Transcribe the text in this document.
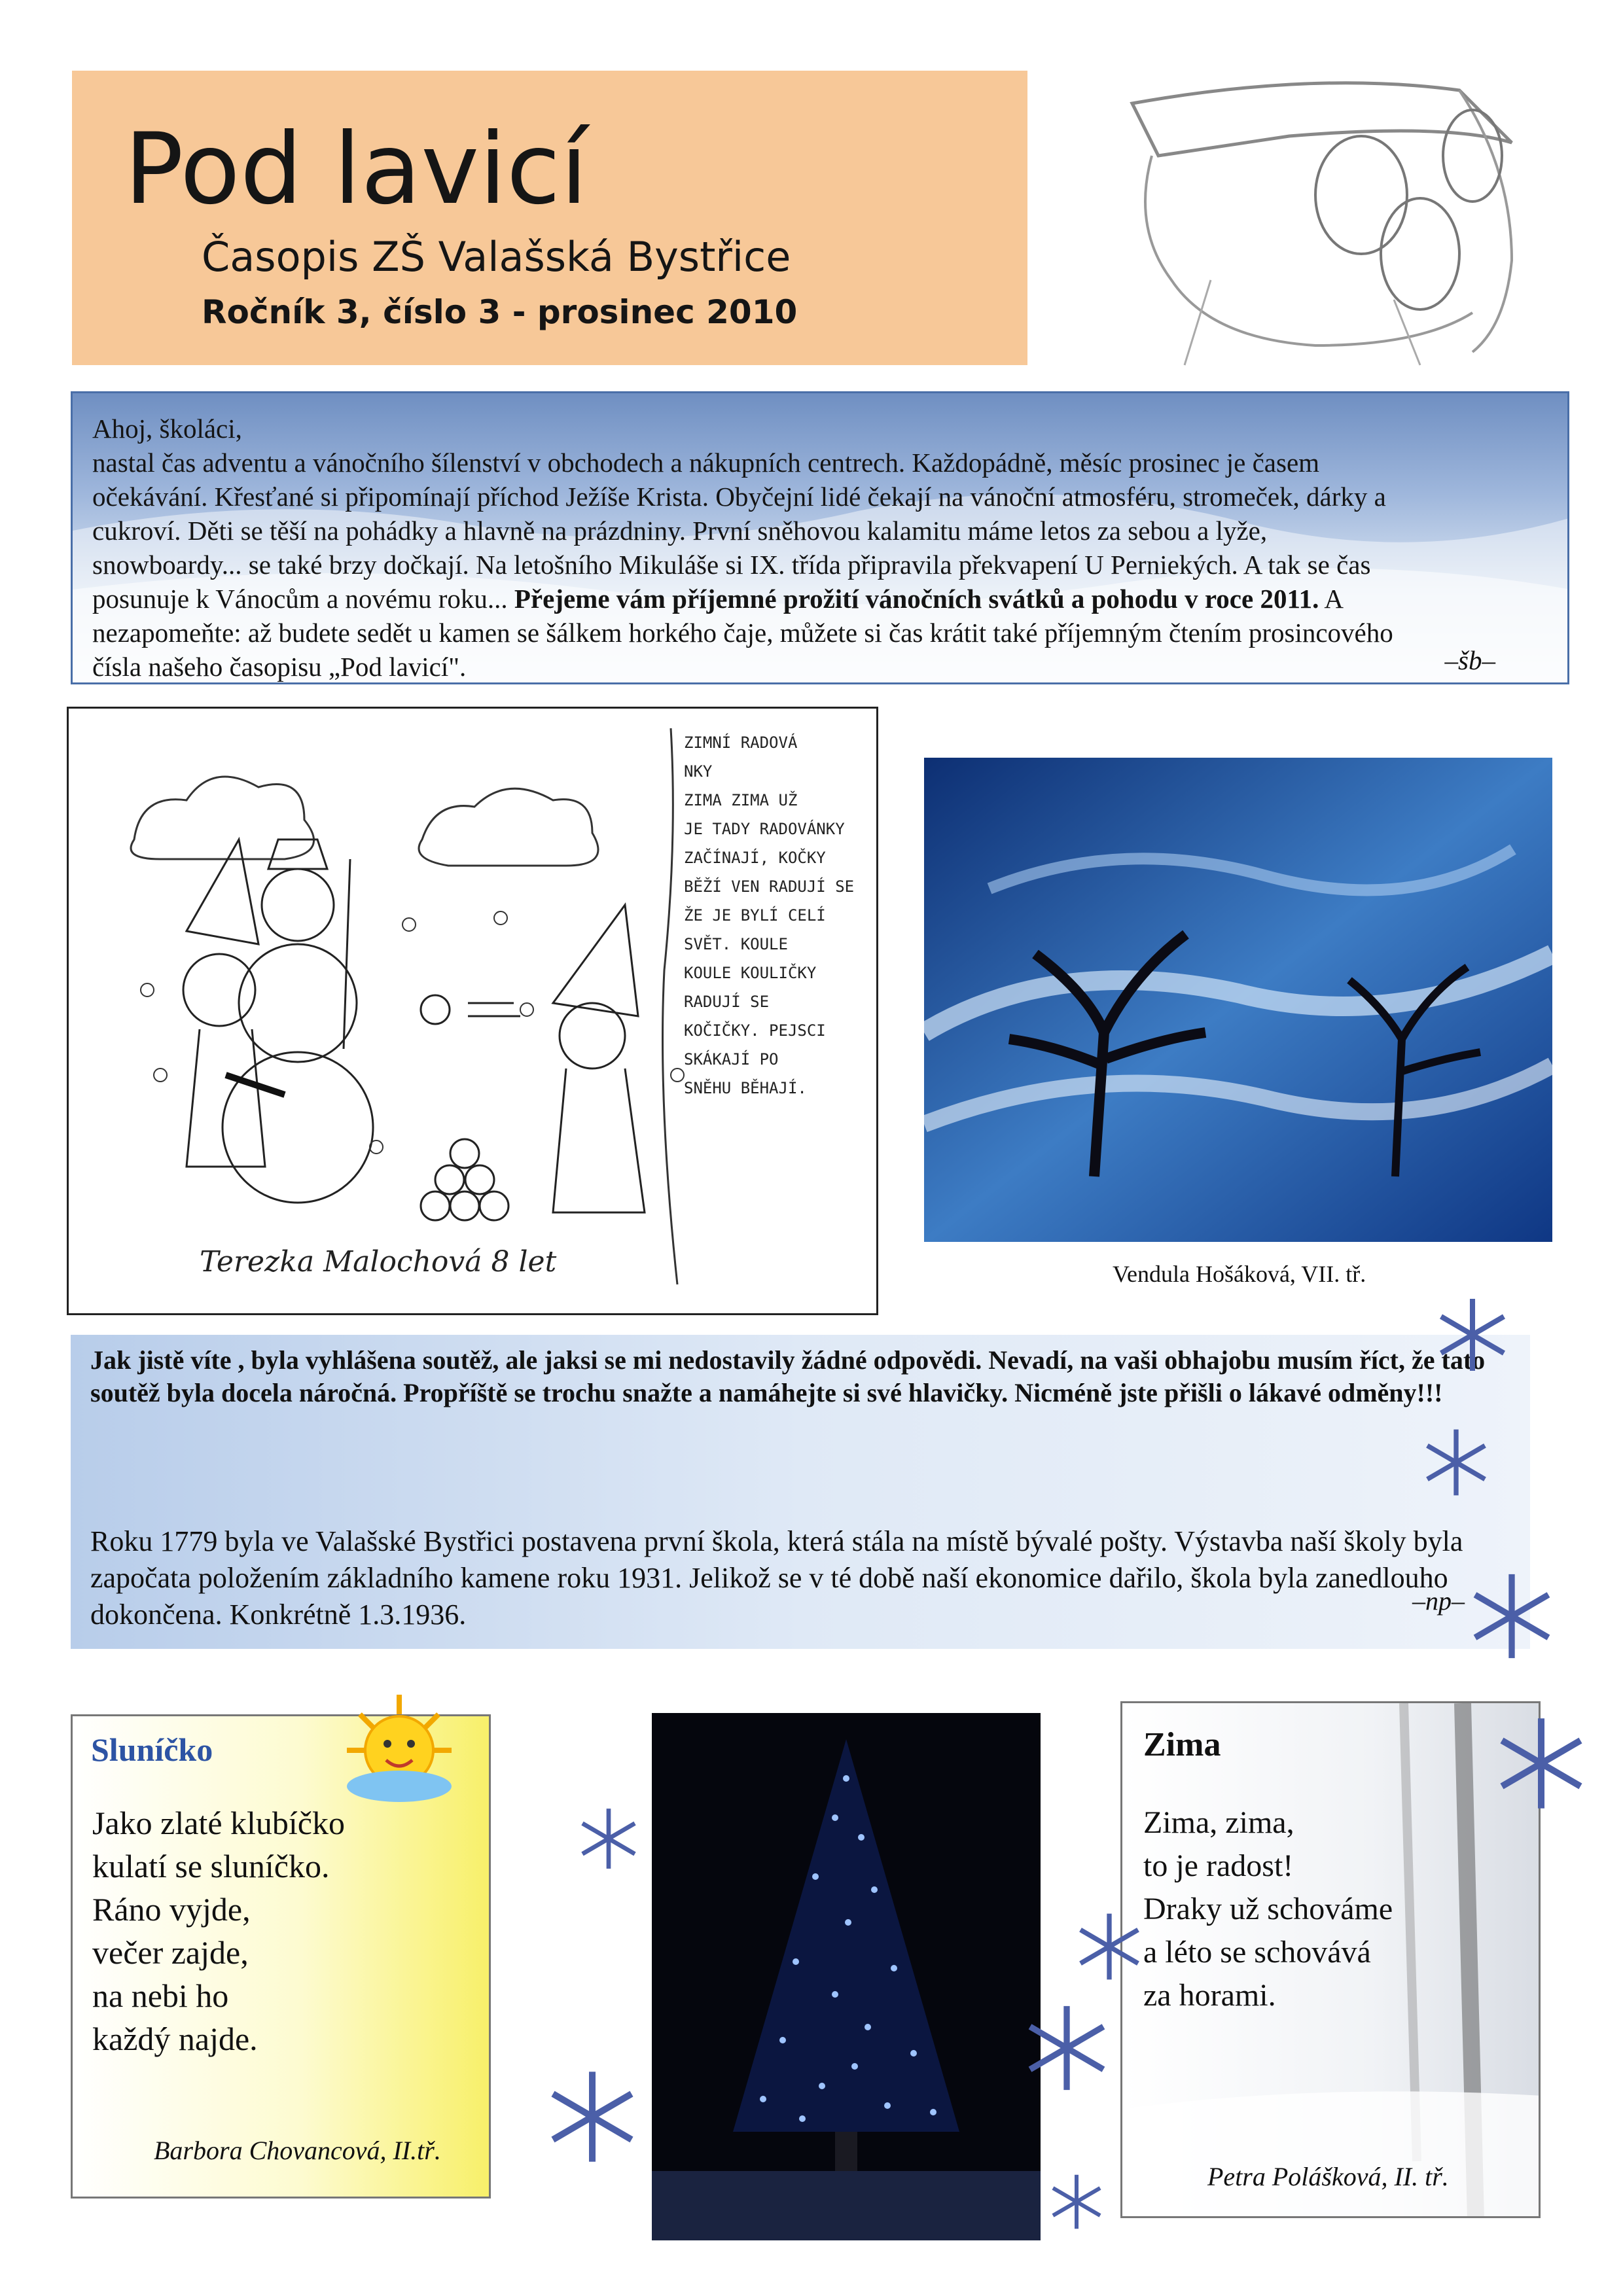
Pod lavicí
Časopis ZŠ Valašská Bystřice
Ročník 3, číslo 3 - prosinec 2010
Ahoj, školáci,
nastal čas adventu a vánočního šílenství v obchodech a nákupních centrech. Každopádně, měsíc prosinec je časem
očekávání. Křesťané si připomínají příchod Ježíše Krista. Obyčejní lidé čekají na vánoční atmosféru, stromeček, dárky a
cukroví. Děti se těší na pohádky a hlavně na prázdniny. První sněhovou kalamitu máme letos za sebou a lyže,
snowboardy... se také brzy dočkají. Na letošního Mikuláše si IX. třída připravila překvapení U Perniekých. A tak se čas
posunuje k Vánocům a novému roku... Přejeme vám příjemné prožití vánočních svátků a pohodu v roce 2011. A
nezapomeňte: až budete sedět u kamen se šálkem horkého čaje, můžete si čas krátit také příjemným čtením prosincového
čísla našeho časopisu „Pod lavicí".	–šb–
ZIMNÍ RADOVÁ
NKY
ZIMA ZIMA UŽ
JE TADY RADOVÁNKY
ZAČÍNAJÍ, KOČKY
BĚŽÍ VEN RADUJÍ SE
ŽE JE BYLÍ CELÍ
SVĚT. KOULE
KOULE KOULIČKY
RADUJÍ SE
KOČIČKY. PEJSCI
SKÁKAJÍ PO
SNĚHU BĚHAJÍ.
Terezka Malochová 8 let	Vendula Hošáková, VII. tř.
Jak jistě víte , byla vyhlášena soutěž, ale jaksi se mi nedostavily žádné odpovědi. Nevadí, na vaši obhajobu musím říct, že tato soutěž byla docela náročná. Propříště se trochu snažte a namáhejte si své hlavičky. Nicméně jste přišli o lákavé odměny!!!
Roku 1779 byla ve Valašské Bystřici postavena první škola, která stála na místě bývalé pošty. Výstavba naší školy byla započata položením základního kamene roku 1931. Jelikož se v té době naší ekonomice dařilo, škola byla zanedlouho dokončena. Konkrétně 1.3.1936.	–np–
Sluníčko
Jako zlaté klubíčko
kulatí se sluníčko.
Ráno vyjde,
večer zajde,
na nebi ho
každý najde.
Barbora Chovancová, II.tř.
Zima
Zima, zima,
to je radost!
Draky už schováme
a léto se schovává
za horami.
Petra Polášková, II. tř.
